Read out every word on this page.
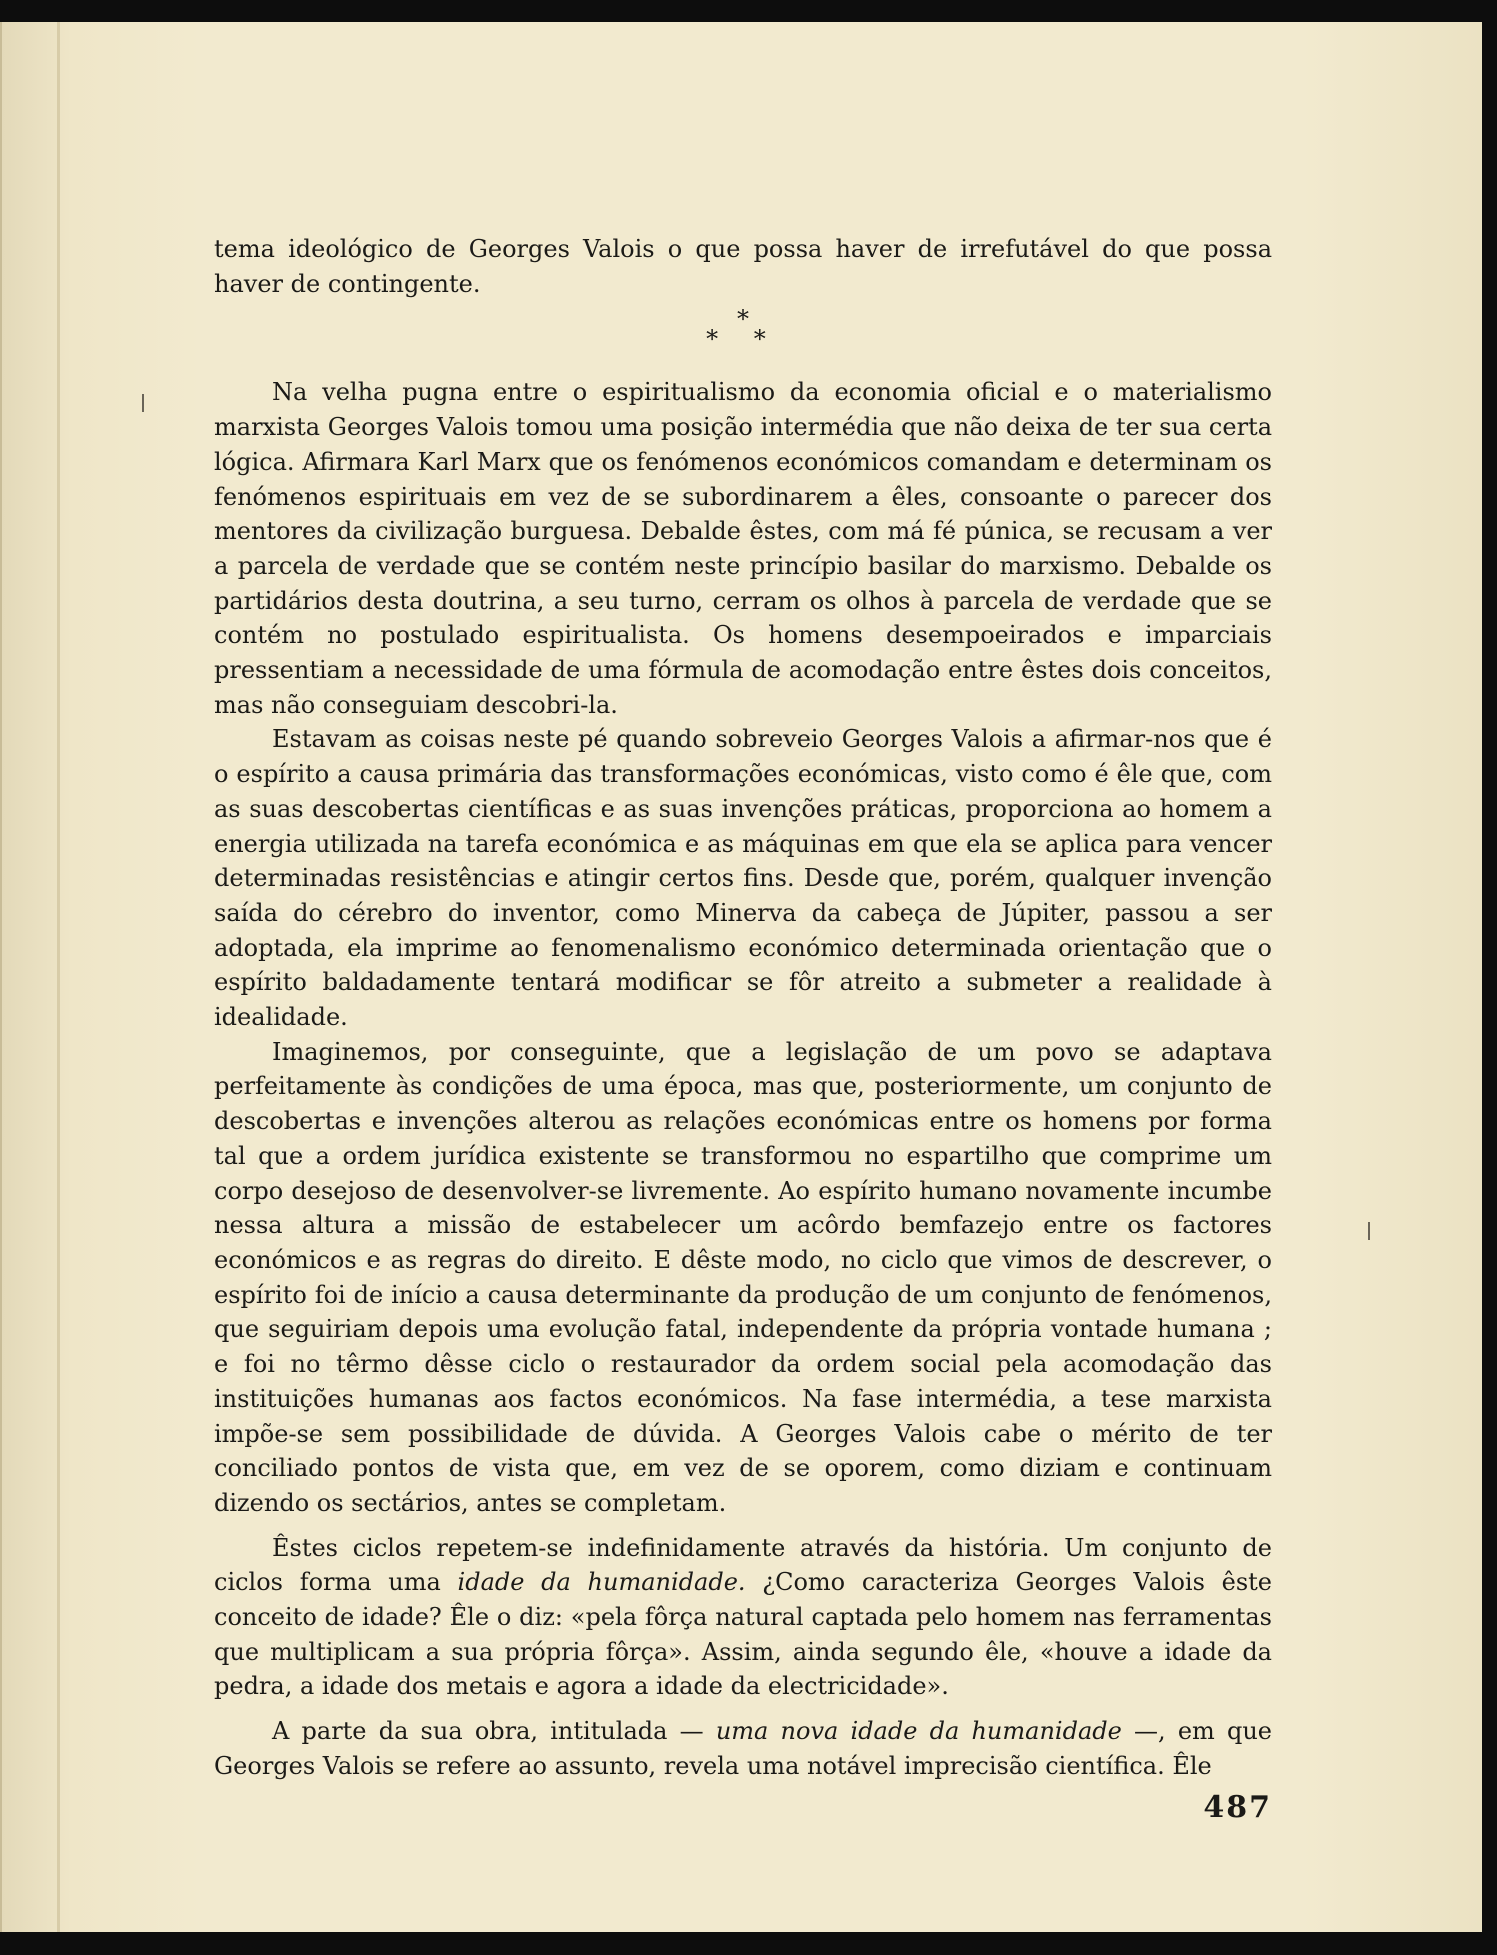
tema ideológico de Georges Valois o que possa haver de irrefutável do que possa haver de contingente.

*
* *

Na velha pugna entre o espiritualismo da economia oficial e o materialismo marxista Georges Valois tomou uma posição intermédia que não deixa de ter sua certa lógica. Afirmara Karl Marx que os fenómenos económicos comandam e determinam os fenómenos espirituais em vez de se subordinarem a êles, consoante o parecer dos mentores da civilização burguesa. Debalde êstes, com má fé púnica, se recusam a ver a parcela de verdade que se contém neste princípio basilar do marxismo. Debalde os partidários desta doutrina, a seu turno, cerram os olhos à parcela de verdade que se contém no postulado espiritualista. Os homens desempoeirados e imparciais pressentiam a necessidade de uma fórmula de acomodação entre êstes dois conceitos, mas não conseguiam descobri-la.

Estavam as coisas neste pé quando sobreveio Georges Valois a afirmar-nos que é o espírito a causa primária das transformações económicas, visto como é êle que, com as suas descobertas científicas e as suas invenções práticas, proporciona ao homem a energia utilizada na tarefa económica e as máquinas em que ela se aplica para vencer determinadas resistências e atingir certos fins. Desde que, porém, qualquer invenção saída do cérebro do inventor, como Minerva da cabeça de Júpiter, passou a ser adoptada, ela imprime ao fenomenalismo económico determinada orientação que o espírito baldadamente tentará modificar se fôr atreito a submeter a realidade à idealidade.

Imaginemos, por conseguinte, que a legislação de um povo se adaptava perfeitamente às condições de uma época, mas que, posteriormente, um conjunto de descobertas e invenções alterou as relações económicas entre os homens por forma tal que a ordem jurídica existente se transformou no espartilho que comprime um corpo desejoso de desenvolver-se livremente. Ao espírito humano novamente incumbe nessa altura a missão de estabelecer um acôrdo bemfazejo entre os factores económicos e as regras do direito. E dêste modo, no ciclo que vimos de descrever, o espírito foi de início a causa determinante da produção de um conjunto de fenómenos, que seguiriam depois uma evolução fatal, independente da própria vontade humana ; e foi no têrmo dêsse ciclo o restaurador da ordem social pela acomodação das instituições humanas aos factos económicos. Na fase intermédia, a tese marxista impõe-se sem possibilidade de dúvida. A Georges Valois cabe o mérito de ter conciliado pontos de vista que, em vez de se oporem, como diziam e continuam dizendo os sectários, antes se completam.

Êstes ciclos repetem-se indefinidamente através da história. Um conjunto de ciclos forma uma idade da humanidade. ¿Como caracteriza Georges Valois êste conceito de idade? Êle o diz: «pela fôrça natural captada pelo homem nas ferramentas que multiplicam a sua própria fôrça». Assim, ainda segundo êle, «houve a idade da pedra, a idade dos metais e agora a idade da electricidade».

A parte da sua obra, intitulada — uma nova idade da humanidade —, em que Georges Valois se refere ao assunto, revela uma notável imprecisão científica. Êle

487
